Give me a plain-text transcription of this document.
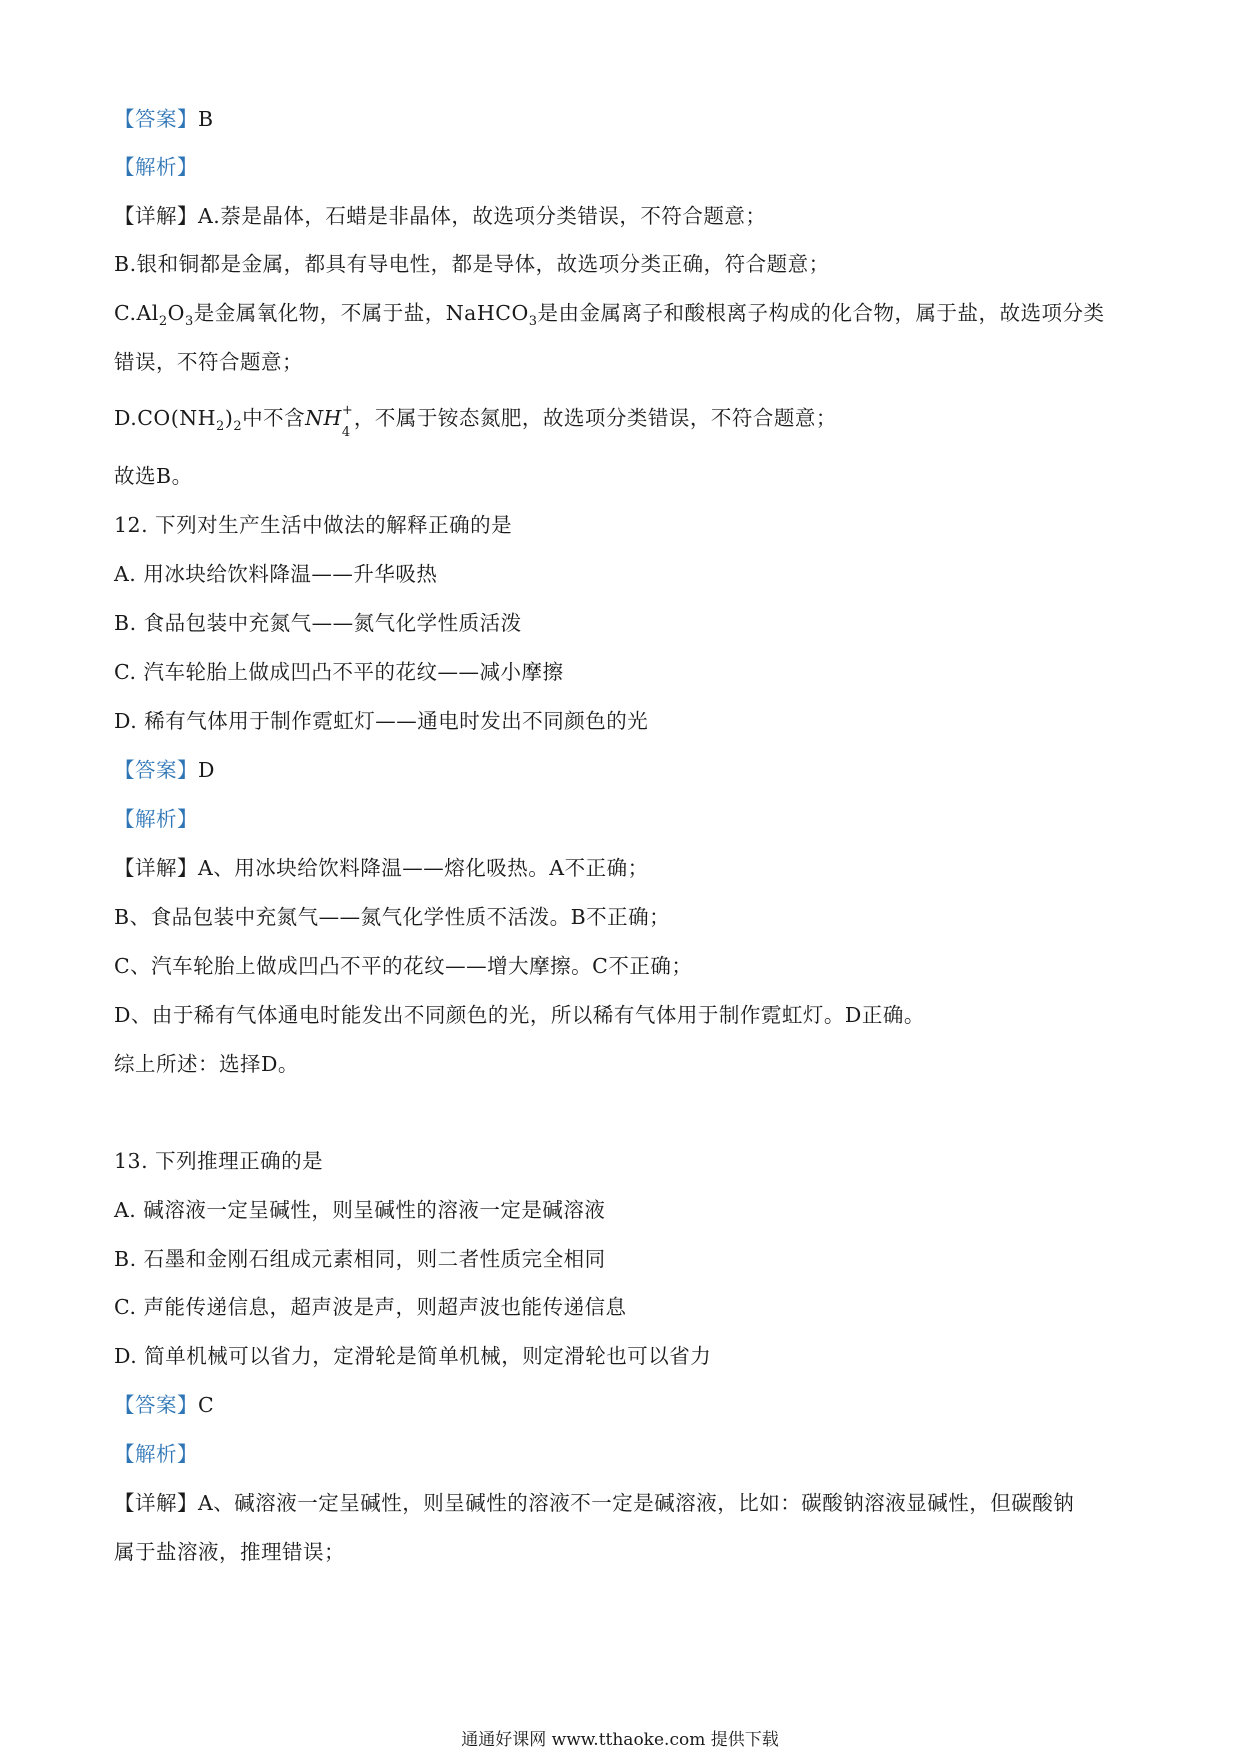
【答案】B
【解析】
【详解】A.萘是晶体，石蜡是非晶体，故选项分类错误，不符合题意；
B.银和铜都是金属，都具有导电性，都是导体，故选项分类正确，符合题意；
$C.Al_2O_3$是金属氧化物，不属于盐，NaHCO$_3$是由金属离子和酸根离子构成的化合物，属于盐，故选项分类
错误，不符合题意；
$D.CO(NH_2)_2$中不含NH +
4
，不属于铵态氮肥，故选项分类错误，不符合题意；
故选B。
12. 下列对生产生活中做法的解释正确的是
A. 用冰块给饮料降温——升华吸热
B. 食品包装中充氮气——氮气化学性质活泼
C. 汽车轮胎上做成凹凸不平的花纹——减小摩擦
D. 稀有气体用于制作霓虹灯——通电时发出不同颜色的光
【答案】D
【解析】
【详解】A、用冰块给饮料降温——熔化吸热。A不正确；
B、食品包装中充氮气——氮气化学性质不活泼。B不正确；
C、汽车轮胎上做成凹凸不平的花纹——增大摩擦。C不正确；
D、由于稀有气体通电时能发出不同颜色的光，所以稀有气体用于制作霓虹灯。D正确。
综上所述：选择D。
13. 下列推理正确的是
A. 碱溶液一定呈碱性，则呈碱性的溶液一定是碱溶液
B. 石墨和金刚石组成元素相同，则二者性质完全相同
C. 声能传递信息，超声波是声，则超声波也能传递信息
D. 简单机械可以省力，定滑轮是简单机械，则定滑轮也可以省力
【答案】C
【解析】
【详解】A、碱溶液一定呈碱性，则呈碱性的溶液不一定是碱溶液，比如：碳酸钠溶液显碱性，但碳酸钠
属于盐溶液，推理错误；
通通好课网 www.tthaoke.com 提供下载
